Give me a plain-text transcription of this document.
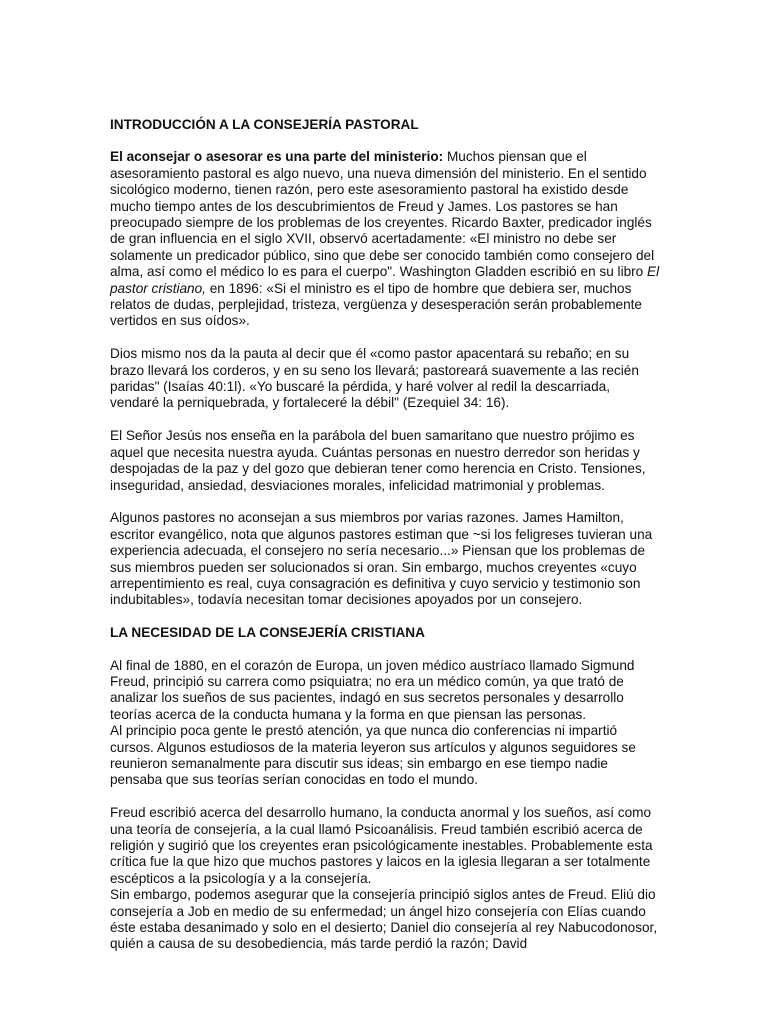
INTRODUCCIÓN A LA CONSEJERÍA PASTORAL

El aconsejar o asesorar es una parte del ministerio: Muchos piensan que el asesoramiento pastoral es algo nuevo, una nueva dimensión del ministerio. En el sentido sicológico moderno, tienen razón, pero este asesoramiento pastoral ha existido desde mucho tiempo antes de los descubrimientos de Freud y James. Los pastores se han preocupado siempre de los problemas de los creyentes. Ricardo Baxter, predicador inglés de gran influencia en el siglo XVII, observó acertadamente: «El ministro no debe ser solamente un predicador público, sino que debe ser conocido también como consejero del alma, así como el médico lo es para el cuerpo". Washington Gladden escribió en su libro El pastor cristiano, en 1896: «Si el ministro es el tipo de hombre que debiera ser, muchos relatos de dudas, perplejidad, tristeza, vergüenza y desesperación serán probablemente vertidos en sus oídos».

Dios mismo nos da la pauta al decir que él «como pastor apacentará su rebaño; en su brazo llevará los corderos, y en su seno los llevará; pastoreará suavemente a las recién paridas" (Isaías 40:1l). «Yo buscaré la pérdida, y haré volver al redil la descarriada, vendaré la perniquebrada, y fortaleceré la débil" (Ezequiel 34: 16).

El Señor Jesús nos enseña en la parábola del buen samaritano que nuestro prójimo es aquel que necesita nuestra ayuda. Cuántas personas en nuestro derredor son heridas y despojadas de la paz y del gozo que debieran tener como herencia en Cristo. Tensiones, inseguridad, ansiedad, desviaciones morales, infelicidad matrimonial y problemas.

Algunos pastores no aconsejan a sus miembros por varias razones. James Hamilton, escritor evangélico, nota que algunos pastores estiman que ~si los feligreses tuvieran una experiencia adecuada, el consejero no sería necesario...» Piensan que los problemas de sus miembros pueden ser solucionados si oran. Sin embargo, muchos creyentes «cuyo arrepentimiento es real, cuya consagración es definitiva y cuyo servicio y testimonio son indubitables», todavía necesitan tomar decisiones apoyados por un consejero.

LA NECESIDAD DE LA CONSEJERÍA CRISTIANA

Al final de 1880, en el corazón de Europa, un joven médico austríaco llamado Sigmund Freud, principió su carrera como psiquiatra; no era un médico común, ya que trató de analizar los sueños de sus pacientes, indagó en sus secretos personales y desarrollo teorías acerca de la conducta humana y la forma en que piensan las personas.

Al principio poca gente le prestó atención, ya que nunca dio conferencias ni impartió cursos. Algunos estudiosos de la materia leyeron sus artículos y algunos seguidores se reunieron semanalmente para discutir sus ideas; sin embargo en ese tiempo nadie pensaba que sus teorías serían conocidas en todo el mundo.

Freud escribió acerca del desarrollo humano, la conducta anormal y los sueños, así como una teoría de consejería, a la cual llamó Psicoanálisis. Freud también escribió acerca de religión y sugirió que los creyentes eran psicológicamente inestables. Probablemente esta crítica fue la que hizo que muchos pastores y laicos en la iglesia llegaran a ser totalmente escépticos a la psicología y a la consejería.

Sin embargo, podemos asegurar que la consejería principió siglos antes de Freud. Eliú dio consejería a Job en medio de su enfermedad; un ángel hizo consejería con Elías cuando éste estaba desanimado y solo en el desierto; Daniel dio consejería al rey Nabucodonosor, quién a causa de su desobediencia, más tarde perdió la razón; David
